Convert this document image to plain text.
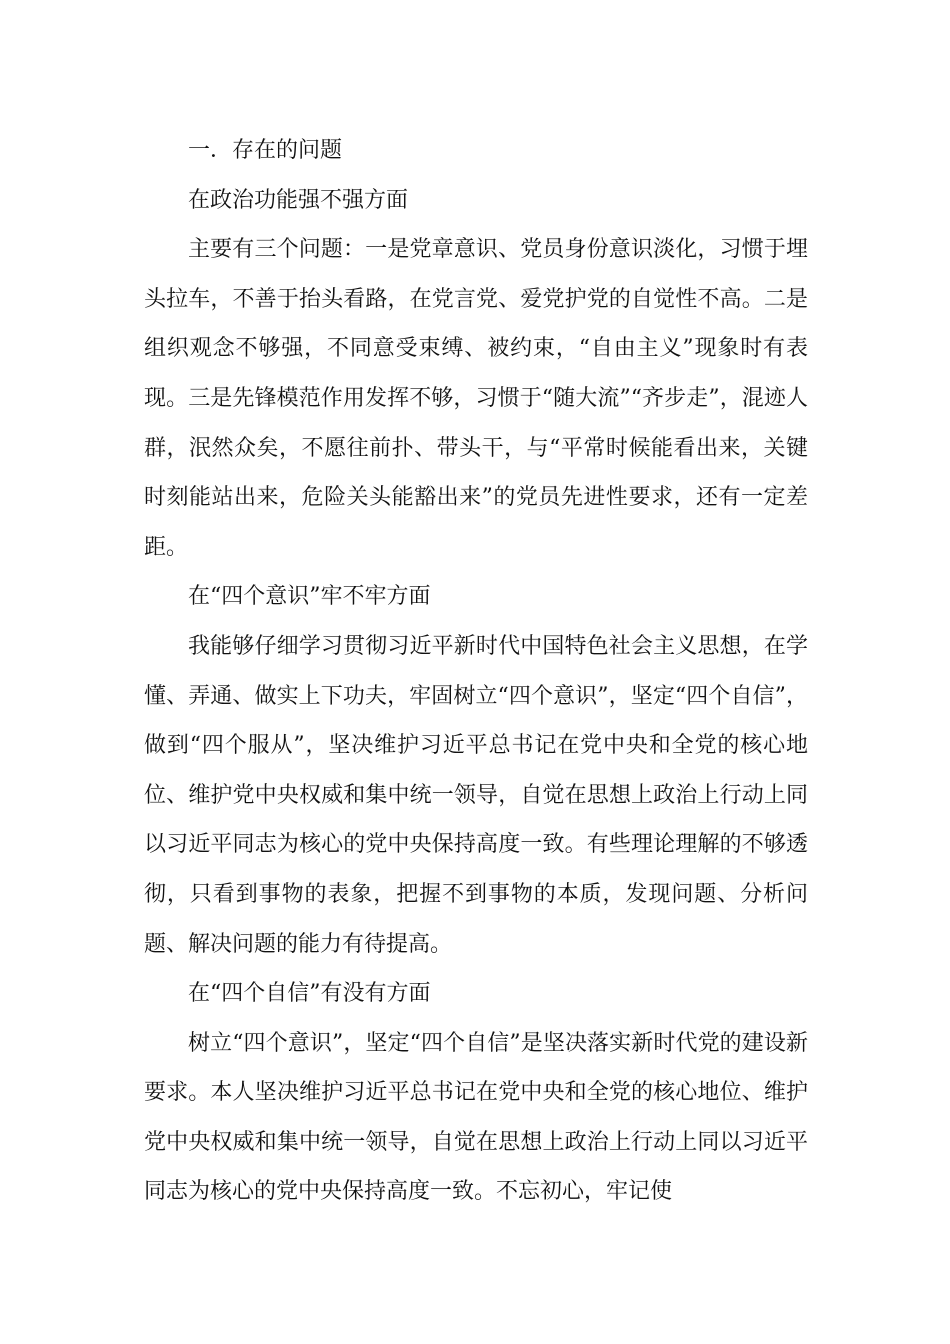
一．存在的问题

在政治功能强不强方面

主要有三个问题：一是党章意识、党员身份意识淡化，习惯于埋头拉车，不善于抬头看路，在党言党、爱党护党的自觉性不高。二是组织观念不够强，不同意受束缚、被约束，“自由主义”现象时有表现。三是先锋模范作用发挥不够，习惯于“随大流”“齐步走”，混迹人群，泯然众矣，不愿往前扑、带头干，与“平常时候能看出来，关键时刻能站出来，危险关头能豁出来”的党员先进性要求，还有一定差距。

在“四个意识”牢不牢方面

我能够仔细学习贯彻习近平新时代中国特色社会主义思想，在学懂、弄通、做实上下功夫，牢固树立“四个意识”，坚定“四个自信”，做到“四个服从”，坚决维护习近平总书记在党中央和全党的核心地位、维护党中央权威和集中统一领导，自觉在思想上政治上行动上同以习近平同志为核心的党中央保持高度一致。有些理论理解的不够透彻，只看到事物的表象，把握不到事物的本质，发现问题、分析问题、解决问题的能力有待提高。

在“四个自信”有没有方面

树立“四个意识”，坚定“四个自信”是坚决落实新时代党的建设新要求。本人坚决维护习近平总书记在党中央和全党的核心地位、维护党中央权威和集中统一领导，自觉在思想上政治上行动上同以习近平同志为核心的党中央保持高度一致。不忘初心，牢记使
